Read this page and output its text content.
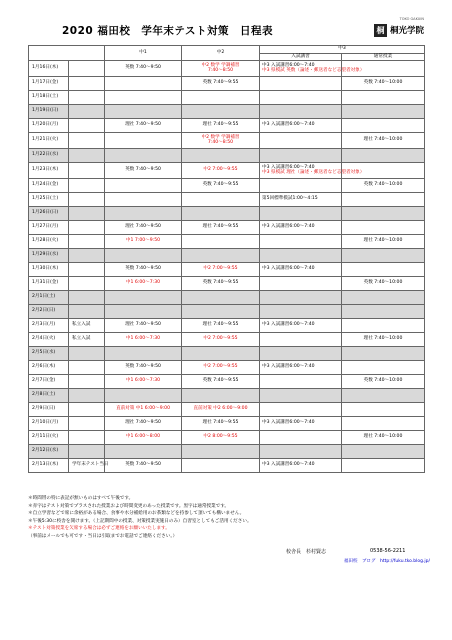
2020 福田校　学年末テスト対策　日程表	桐 桐光学院
TOKO GAKUIN
		中1	中2	中3	
				入試講習	通常授業
1月16日(木)		英数 7:40〜9:50	中2 数学 学調補習
7:40〜8:50	中3 入試講習6:00〜7:40
中3 県模試 英数（論述・郵送者など志望者対象）	

1月17日(金)			英数 7:40〜9:55		英数 7:40〜10:00

1月18日(土)					
1月19日(日)					
1月20日(月)		理社 7:40〜9:50	理社 7:40〜9:55	中3 入試講習6:00〜7:40	

1月21日(火)			中2 数学 学調補習
7:40〜8:50		理社 7:40〜10:00

1月22日(水)					
1月23日(木)		英数 7:40〜9:50	中2 7:00〜9:55	中3 入試講習6:00〜7:40
中3 県模試 理社（論述・郵送者など志望者対象）	

1月24日(金)			英数 7:40〜9:55		英数 7:40〜10:00

1月25日(土)				第5回標準模試1:00〜4:15	

1月26日(日)					
1月27日(月)		理社 7:40〜9:50	理社 7:40〜9:55	中3 入試講習6:00〜7:40	

1月28日(火)		中1 7:00〜9:50			理社 7:40〜10:00

1月29日(水)					
1月30日(木)		英数 7:40〜9:50	中2 7:00〜9:55	中3 入試講習6:00〜7:40	

1月31日(金)		中1 6:00〜7:30	英数 7:40〜9:55		英数 7:40〜10:00

2月1日(土)					
2月2日(日)					
2月3日(月)	私立入試	理社 7:40〜9:50	理社 7:40〜9:55	中3 入試講習6:00〜7:40	

2月4日(火)	私立入試	中1 6:00〜7:30	中2 7:00〜9:55		理社 7:40〜10:00

2月5日(水)					
2月6日(木)		英数 7:40〜9:50	中2 7:00〜9:55	中3 入試講習6:00〜7:40	

2月7日(金)		中1 6:00〜7:30	英数 7:40〜9:55		英数 7:40〜10:00

2月8日(土)					
2月9日(日)		直前対策 中1 6:00〜9:00	直前対策 中2 6:00〜9:00		

2月10日(月)		理社 7:40〜9:50	理社 7:40〜9:55	中3 入試講習6:00〜7:40	

2月11日(火)		中1 6:00〜8:00	中2 8:00〜9:55		理社 7:40〜10:00

2月12日(水)					
2月13日(木)	学年末テスト当日	英数 7:40〜9:50		中3 入試講習6:00〜7:40	

＊時間帯の特に表記が無いものはすべて午後です。
＊赤字はテスト対策でプラスされた授業および時間変更のあった授業です。黒字は通常授業です。
＊自立学習などで席に余裕がある場合、食事や水分補給用のお茶類などを持参して頂いても構いません。
＊午後5:30に校舎を開けます。（上記期間中の授業、対策授業実施日のみ）自習室としてもご活用ください。
＊テスト対策授業を欠席する場合は必ずご連絡をお願いいたします。
（事前はメールでも可です・当日は引取までお電話でご連絡ください。）
校舎長　杉村賢志	0538-56-2211
福田校　ブログ　http://fuku.tko.blog.jp/
